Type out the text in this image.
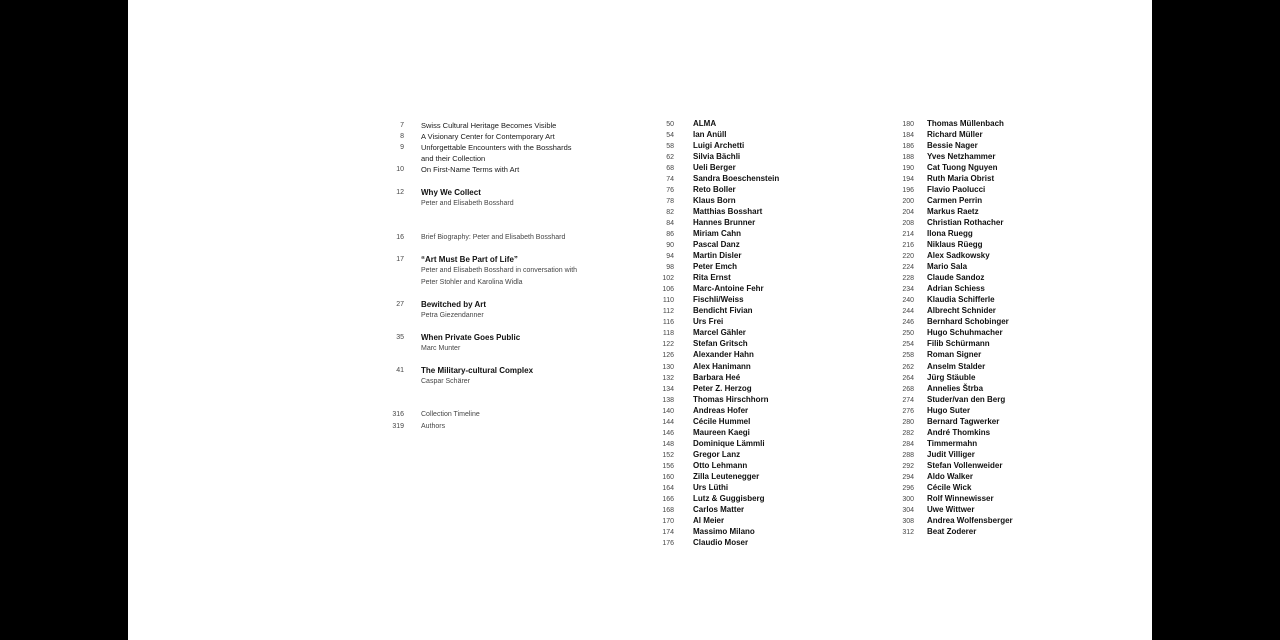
7 Swiss Cultural Heritage Becomes Visible
8 A Visionary Center for Contemporary Art
9 Unforgettable Encounters with the Bosshards
and their Collection
10 On First-Name Terms with Art
12 Why We Collect
Peter and Elisabeth Bosshard
16 Brief Biography: Peter and Elisabeth Bosshard
17 “Art Must Be Part of Life”
Peter and Elisabeth Bosshard in conversation with
Peter Stohler and Karolina Widla
27 Bewitched by Art
Petra Giezendanner
35 When Private Goes Public
Marc Munter
41 The Military-cultural Complex
Caspar Schärer
316 Collection Timeline
319 Authors
50 ALMA
54 Ian Anüll
58 Luigi Archetti
62 Silvia Bächli
68 Ueli Berger
74 Sandra Boeschenstein
76 Reto Boller
78 Klaus Born
82 Matthias Bosshart
84 Hannes Brunner
86 Miriam Cahn
90 Pascal Danz
94 Martin Disler
98 Peter Emch
102 Rita Ernst
106 Marc-Antoine Fehr
110 Fischli/Weiss
112 Bendicht Fivian
116 Urs Frei
118 Marcel Gähler
122 Stefan Gritsch
126 Alexander Hahn
130 Alex Hanimann
132 Barbara Heé
134 Peter Z. Herzog
138 Thomas Hirschhorn
140 Andreas Hofer
144 Cécile Hummel
146 Maureen Kaegi
148 Dominique Lämmli
152 Gregor Lanz
156 Otto Lehmann
160 Zilla Leutenegger
164 Urs Lüthi
166 Lutz & Guggisberg
168 Carlos Matter
170 Al Meier
174 Massimo Milano
176 Claudio Moser
180 Thomas Müllenbach
184 Richard Müller
186 Bessie Nager
188 Yves Netzhammer
190 Cat Tuong Nguyen
194 Ruth Maria Obrist
196 Flavio Paolucci
200 Carmen Perrin
204 Markus Raetz
208 Christian Rothacher
214 Ilona Ruegg
216 Niklaus Rüegg
220 Alex Sadkowsky
224 Mario Sala
228 Claude Sandoz
234 Adrian Schiess
240 Klaudia Schifferle
244 Albrecht Schnider
246 Bernhard Schobinger
250 Hugo Schuhmacher
254 Filib Schürmann
258 Roman Signer
262 Anselm Stalder
264 Jürg Stäuble
268 Annelies Štrba
274 Studer/van den Berg
276 Hugo Suter
280 Bernard Tagwerker
282 André Thomkins
284 Timmermahn
288 Judit Villiger
292 Stefan Vollenweider
294 Aldo Walker
296 Cécile Wick
300 Rolf Winnewisser
304 Uwe Wittwer
308 Andrea Wolfensberger
312 Beat Zoderer
